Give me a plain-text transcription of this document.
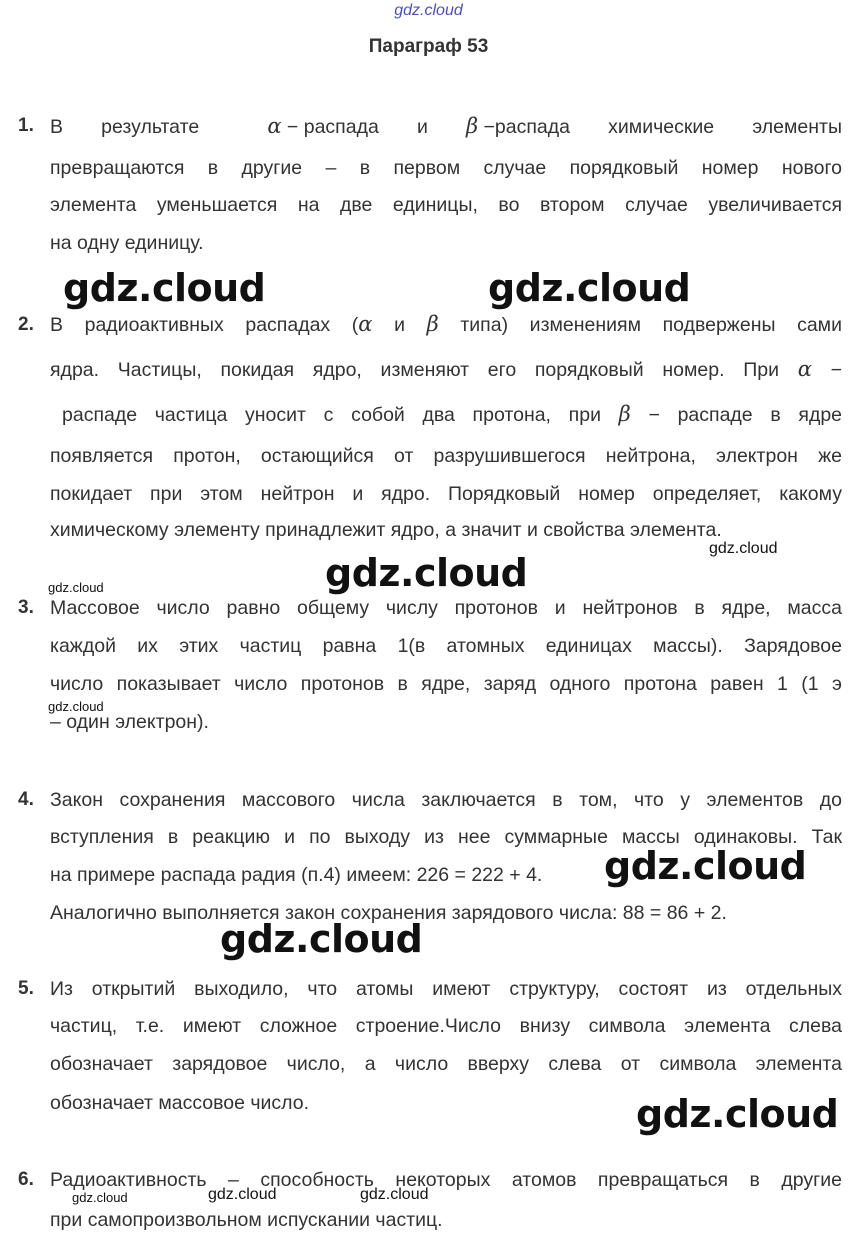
gdz.cloud
Параграф 53
1. В результате	α − распада и β −распада химические элементы
превращаются в другие – в первом случае порядковый номер нового
элемента уменьшается на две единицы, во втором случае увеличивается
на одну единицу.
gdz.cloud	gdz.cloud
2. В радиоактивных распадах (α и β типа) изменениям подвержены сами
ядра. Частицы, покидая ядро, изменяют его порядковый номер. При α −
распаде частица уносит с собой два протона, при β − распаде в ядре
появляется протон, остающийся от разрушившегося нейтрона, электрон же
покидает при этом нейтрон и ядро. Порядковый номер определяет, какому
химическому элементу принадлежит ядро, а значит и свойства элемента.
gdz.cloud
gdz.cloud
gdz.cloud
3. Массовое число равно общему числу протонов и нейтронов в ядре, масса
каждой их этих частиц равна 1(в атомных единицах массы). Зарядовое
число показывает число протонов в ядре, заряд одного протона равен 1 (1 э
– один электрон).
gdz.cloud
4. Закон сохранения массового числа заключается в том, что у элементов до
вступления в реакцию и по выходу из нее суммарные массы одинаковы. Так
на примере распада радия (п.4) имеем: 226 = 222 + 4.
Аналогично выполняется закон сохранения зарядового числа: 88 = 86 + 2.
gdz.cloud
gdz.cloud
5. Из открытий выходило, что атомы имеют структуру, состоят из отдельных
частиц, т.е. имеют сложное строение.Число внизу символа элемента слева
обозначает зарядовое число, а число вверху слева от символа элемента
обозначает массовое число.	gdz.cloud
6. Радиоактивность – способность некоторых атомов превращаться в другие
при самопроизвольном испускании частиц.
gdz.cloud	gdz.cloud	gdz.cloud
